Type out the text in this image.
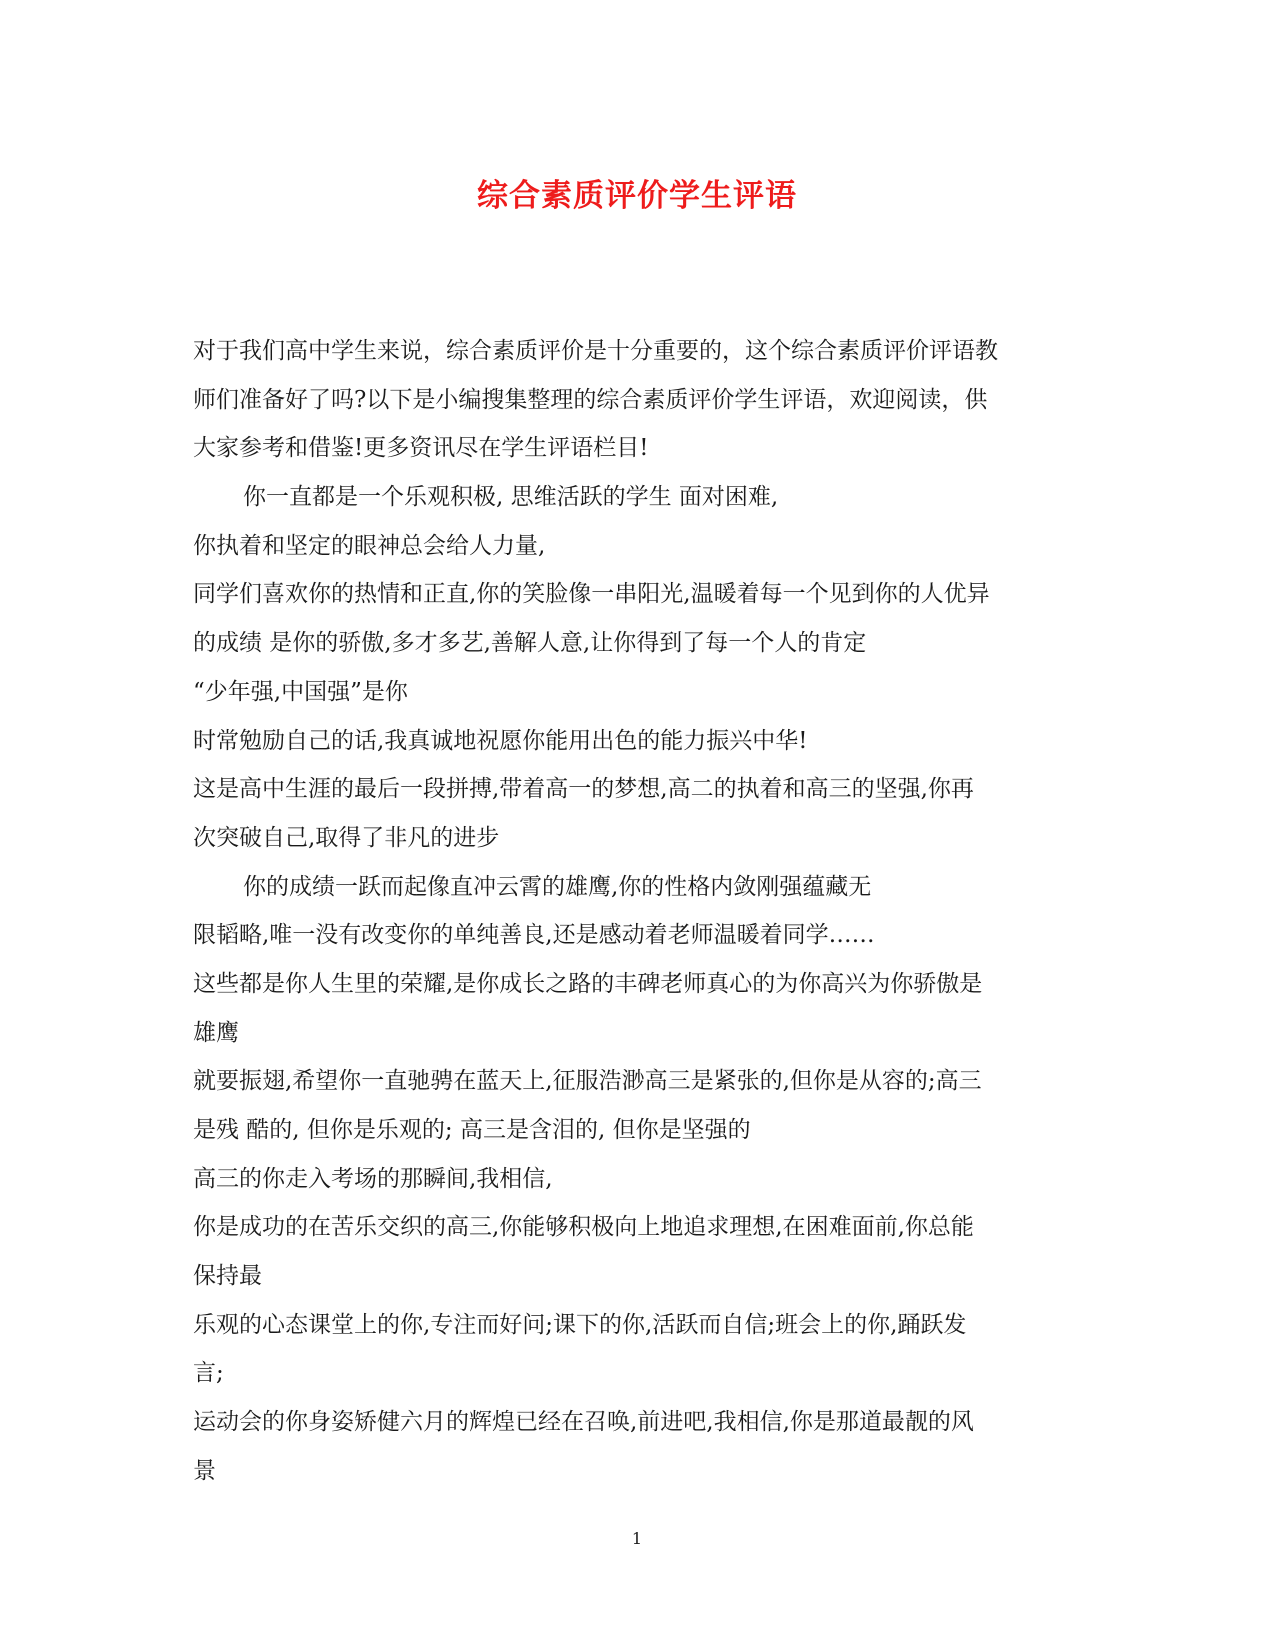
综合素质评价学生评语
对于我们高中学生来说，综合素质评价是十分重要的，这个综合素质评价评语教
师们准备好了吗?以下是小编搜集整理的综合素质评价学生评语，欢迎阅读，供
大家参考和借鉴!更多资讯尽在学生评语栏目!
你一直都是一个乐观积极, 思维活跃的学生 面对困难,
你执着和坚定的眼神总会给人力量,
同学们喜欢你的热情和正直,你的笑脸像一串阳光,温暖着每一个见到你的人优异
的成绩 是你的骄傲,多才多艺,善解人意,让你得到了每一个人的肯定
“少年强,中国强”是你
时常勉励自己的话,我真诚地祝愿你能用出色的能力振兴中华!
这是高中生涯的最后一段拼搏,带着高一的梦想,高二的执着和高三的坚强,你再
次突破自己,取得了非凡的进步
你的成绩一跃而起像直冲云霄的雄鹰,你的性格内敛刚强蕴藏无
限韬略,唯一没有改变你的单纯善良,还是感动着老师温暖着同学……
这些都是你人生里的荣耀,是你成长之路的丰碑老师真心的为你高兴为你骄傲是
雄鹰
就要振翅,希望你一直驰骋在蓝天上,征服浩渺高三是紧张的,但你是从容的;高三
是残 酷的, 但你是乐观的; 高三是含泪的, 但你是坚强的
高三的你走入考场的那瞬间,我相信,
你是成功的在苦乐交织的高三,你能够积极向上地追求理想,在困难面前,你总能
保持最
乐观的心态课堂上的你,专注而好问;课下的你,活跃而自信;班会上的你,踊跃发
言;
运动会的你身姿矫健六月的辉煌已经在召唤,前进吧,我相信,你是那道最靓的风
景
1
